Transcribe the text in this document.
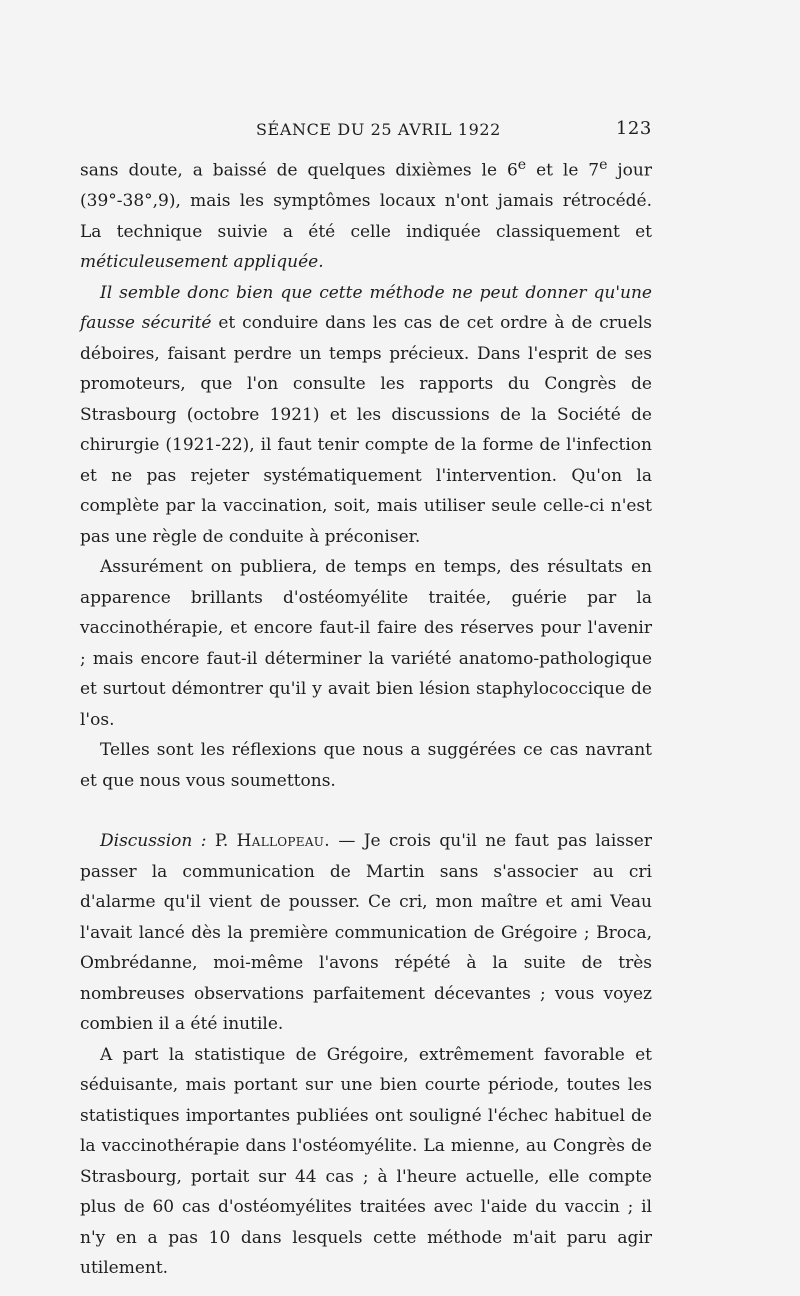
SÉANCE DU 25 AVRIL 1922	123

sans doute, a baissé de quelques dixièmes le 6e et le 7e jour (39°-38°,9), mais les symptômes locaux n'ont jamais rétrocédé. La technique suivie a été celle indiquée classiquement et méticuleusement appliquée.

Il semble donc bien que cette méthode ne peut donner qu'une fausse sécurité et conduire dans les cas de cet ordre à de cruels déboires, faisant perdre un temps précieux. Dans l'esprit de ses promoteurs, que l'on consulte les rapports du Congrès de Strasbourg (octobre 1921) et les discussions de la Société de chirurgie (1921-22), il faut tenir compte de la forme de l'infection et ne pas rejeter systématiquement l'intervention. Qu'on la complète par la vaccination, soit, mais utiliser seule celle-ci n'est pas une règle de conduite à préconiser.

Assurément on publiera, de temps en temps, des résultats en apparence brillants d'ostéomyélite traitée, guérie par la vaccinothérapie, et encore faut-il faire des réserves pour l'avenir ; mais encore faut-il déterminer la variété anatomo-pathologique et surtout démontrer qu'il y avait bien lésion staphylococcique de l'os.

Telles sont les réflexions que nous a suggérées ce cas navrant et que nous vous soumettons.

Discussion : P. Hallopeau. — Je crois qu'il ne faut pas laisser passer la communication de Martin sans s'associer au cri d'alarme qu'il vient de pousser. Ce cri, mon maître et ami Veau l'avait lancé dès la première communication de Grégoire ; Broca, Ombrédanne, moi-même l'avons répété à la suite de très nombreuses observations parfaitement décevantes ; vous voyez combien il a été inutile.

A part la statistique de Grégoire, extrêmement favorable et séduisante, mais portant sur une bien courte période, toutes les statistiques importantes publiées ont souligné l'échec habituel de la vaccinothérapie dans l'ostéomyélite. La mienne, au Congrès de Strasbourg, portait sur 44 cas ; à l'heure actuelle, elle compte plus de 60 cas d'ostéomyélites traitées avec l'aide du vaccin ; il n'y en a pas 10 dans lesquels cette méthode m'ait paru agir utilement.
